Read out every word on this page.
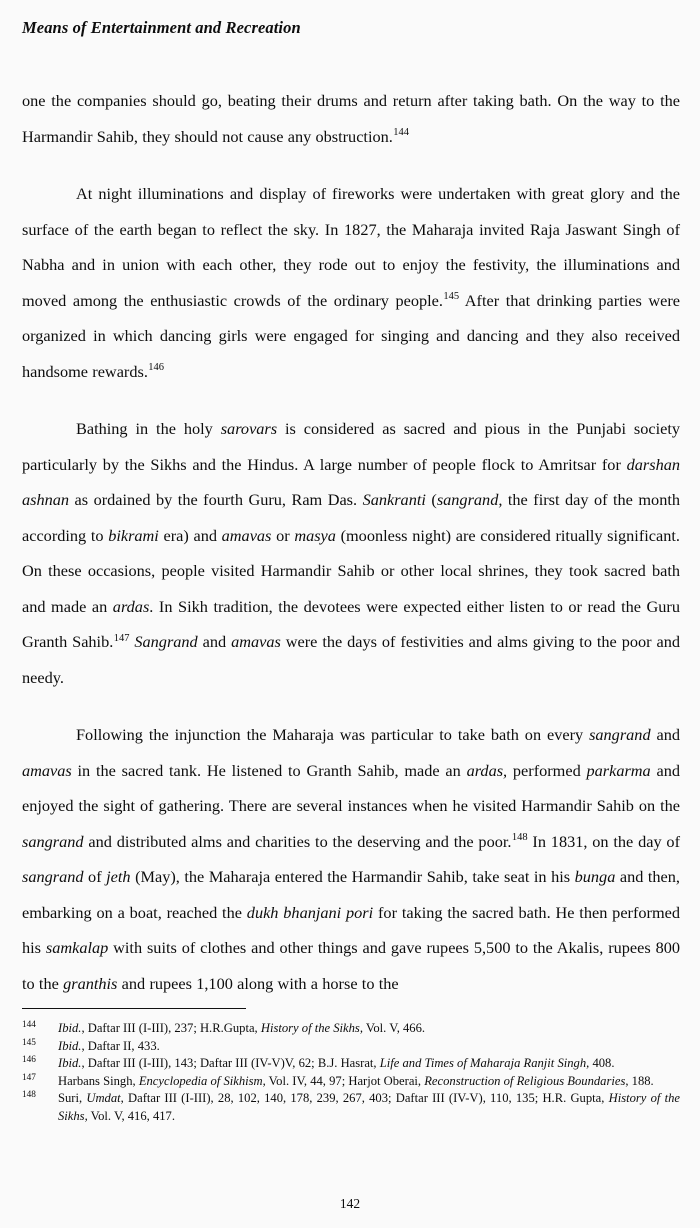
Means of Entertainment and Recreation

one the companies should go, beating their drums and return after taking bath. On the way to the Harmandir Sahib, they should not cause any obstruction.$^{144}$

At night illuminations and display of fireworks were undertaken with great glory and the surface of the earth began to reflect the sky. In 1827, the Maharaja invited Raja Jaswant Singh of Nabha and in union with each other, they rode out to enjoy the festivity, the illuminations and moved among the enthusiastic crowds of the ordinary people.$^{145}$ After that drinking parties were organized in which dancing girls were engaged for singing and dancing and they also received handsome rewards.$^{146}$

Bathing in the holy sarovars is considered as sacred and pious in the Punjabi society particularly by the Sikhs and the Hindus. A large number of people flock to Amritsar for darshan ashnan as ordained by the fourth Guru, Ram Das. Sankranti (sangrand, the first day of the month according to bikrami era) and amavas or masya (moonless night) are considered ritually significant. On these occasions, people visited Harmandir Sahib or other local shrines, they took sacred bath and made an ardas. In Sikh tradition, the devotees were expected either listen to or read the Guru Granth Sahib.$^{147}$ Sangrand and amavas were the days of festivities and alms giving to the poor and needy.

Following the injunction the Maharaja was particular to take bath on every sangrand and amavas in the sacred tank. He listened to Granth Sahib, made an ardas, performed parkarma and enjoyed the sight of gathering. There are several instances when he visited Harmandir Sahib on the sangrand and distributed alms and charities to the deserving and the poor.$^{148}$ In 1831, on the day of sangrand of jeth (May), the Maharaja entered the Harmandir Sahib, take seat in his bunga and then, embarking on a boat, reached the dukh bhanjani pori for taking the sacred bath. He then performed his samkalap with suits of clothes and other things and gave rupees 5,500 to the Akalis, rupees 800 to the granthis and rupees 1,100 along with a horse to the

144	Ibid., Daftar III (I-III), 237; H.R.Gupta, History of the Sikhs, Vol. V, 466.
145	Ibid., Daftar II, 433.
146	Ibid., Daftar III (I-III), 143; Daftar III (IV-V)V, 62; B.J. Hasrat, Life and Times of Maharaja Ranjit Singh, 408.
147	Harbans Singh, Encyclopedia of Sikhism, Vol. IV, 44, 97; Harjot Oberai, Reconstruction of Religious Boundaries, 188.
148	Suri, Umdat, Daftar III (I-III), 28, 102, 140, 178, 239, 267, 403; Daftar III (IV-V), 110, 135; H.R. Gupta, History of the Sikhs, Vol. V, 416, 417.
142
